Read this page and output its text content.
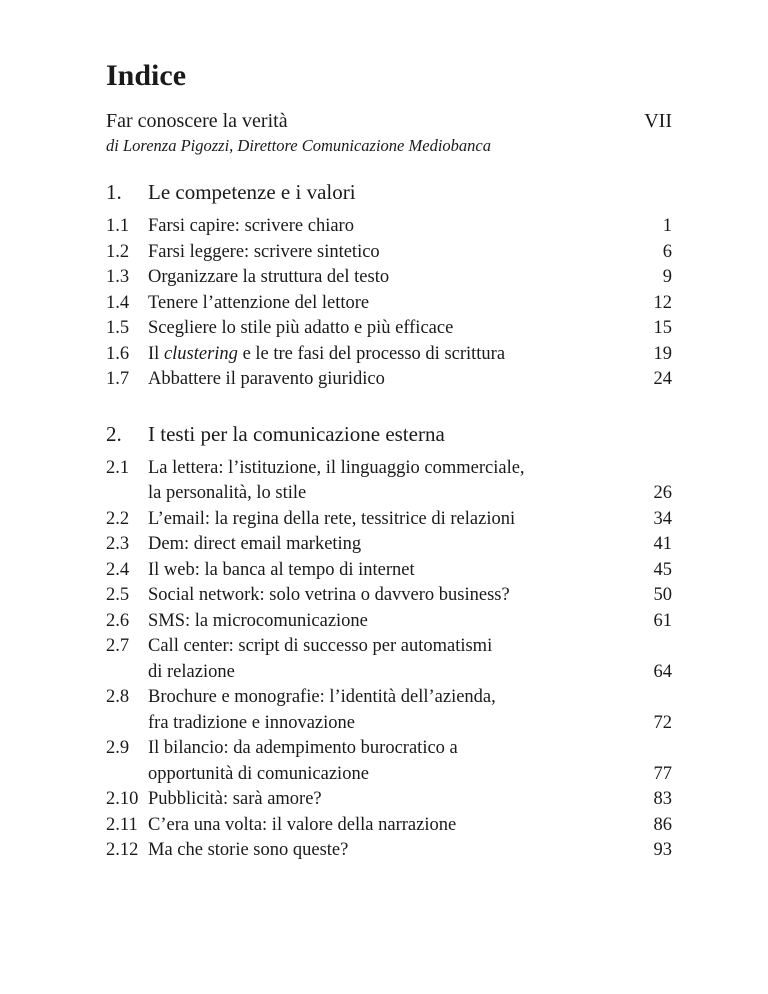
Indice
Far conoscere la verità	VII
di Lorenza Pigozzi, Direttore Comunicazione Mediobanca
1.	Le competenze e i valori
1.1	Farsi capire: scrivere chiaro	1
1.2	Farsi leggere: scrivere sintetico	6
1.3	Organizzare la struttura del testo	9
1.4	Tenere l’attenzione del lettore	12
1.5	Scegliere lo stile più adatto e più efficace	15
1.6	Il clustering e le tre fasi del processo di scrittura	19
1.7	Abbattere il paravento giuridico	24
2.	I testi per la comunicazione esterna
2.1	La lettera: l’istituzione, il linguaggio commerciale,
la personalità, lo stile	26
2.2	L’email: la regina della rete, tessitrice di relazioni	34
2.3	Dem: direct email marketing	41
2.4	Il web: la banca al tempo di internet	45
2.5	Social network: solo vetrina o davvero business?	50
2.6	SMS: la microcomunicazione	61
2.7	Call center: script di successo per automatismi
di relazione	64
2.8	Brochure e monografie: l’identità dell’azienda,
fra tradizione e innovazione	72
2.9	Il bilancio: da adempimento burocratico a
opportunità di comunicazione	77
2.10 Pubblicità: sarà amore?	83
2.11 C’era una volta: il valore della narrazione	86
2.12 Ma che storie sono queste?	93
